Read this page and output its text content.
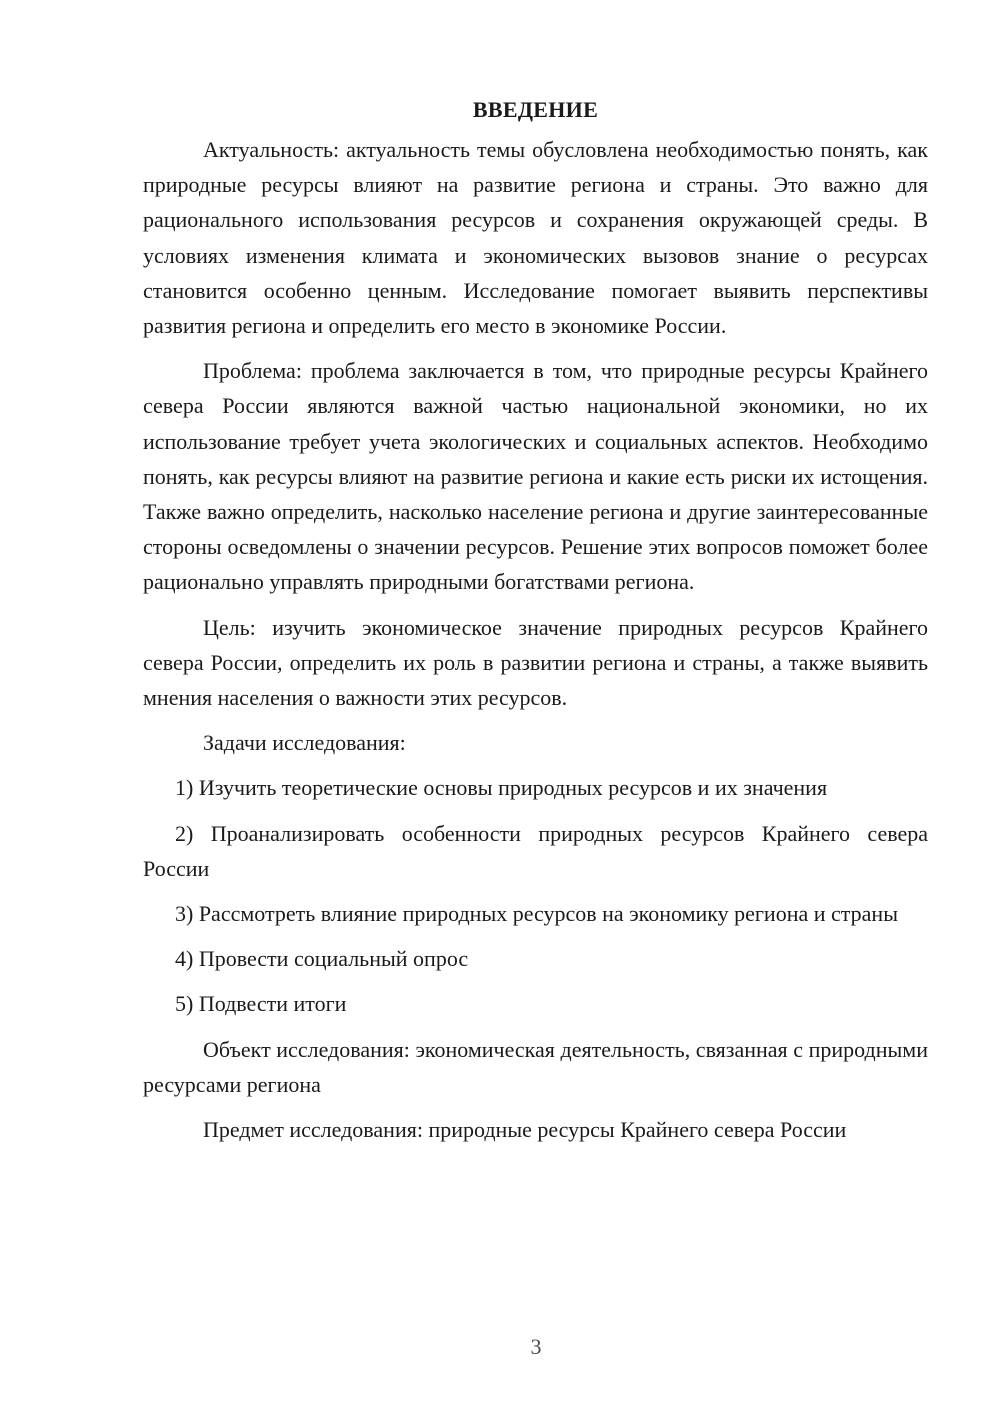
ВВЕДЕНИЕ

Актуальность: актуальность темы обусловлена необходимостью понять, как природные ресурсы влияют на развитие региона и страны. Это важно для рационального использования ресурсов и сохранения окружающей среды. В условиях изменения климата и экономических вызовов знание о ресурсах становится особенно ценным. Исследование помогает выявить перспективы развития региона и определить его место в экономике России.

Проблема: проблема заключается в том, что природные ресурсы Крайнего севера России являются важной частью национальной экономики, но их использование требует учета экологических и социальных аспектов. Необходимо понять, как ресурсы влияют на развитие региона и какие есть риски их истощения. Также важно определить, насколько население региона и другие заинтересованные стороны осведомлены о значении ресурсов. Решение этих вопросов поможет более рационально управлять природными богатствами региона.

Цель: изучить экономическое значение природных ресурсов Крайнего севера России, определить их роль в развитии региона и страны, а также выявить мнения населения о важности этих ресурсов.

Задачи исследования:

1) Изучить теоретические основы природных ресурсов и их значения

2) Проанализировать особенности природных ресурсов Крайнего севера России

3) Рассмотреть влияние природных ресурсов на экономику региона и страны

4) Провести социальный опрос

5) Подвести итоги

Объект исследования: экономическая деятельность, связанная с природными ресурсами региона

Предмет исследования: природные ресурсы Крайнего севера России

3
